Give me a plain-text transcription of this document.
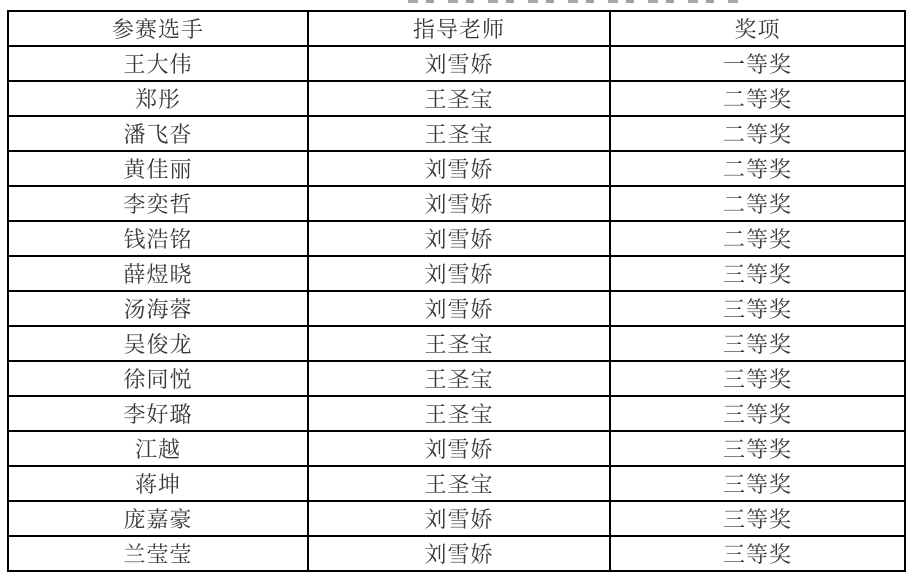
参赛选手	指导老师	奖项
王大伟	刘雪娇	一等奖
郑彤	王圣宝	二等奖
潘飞沓	王圣宝	二等奖
黄佳丽	刘雪娇	二等奖
李奕哲	刘雪娇	二等奖
钱浩铭	刘雪娇	二等奖
薛煜晓	刘雪娇	三等奖
汤海蓉	刘雪娇	三等奖
吴俊龙	王圣宝	三等奖
徐同悦	王圣宝	三等奖
李好璐	王圣宝	三等奖
江越	刘雪娇	三等奖
蒋坤	王圣宝	三等奖
庞嘉豪	刘雪娇	三等奖
兰莹莹	刘雪娇	三等奖
